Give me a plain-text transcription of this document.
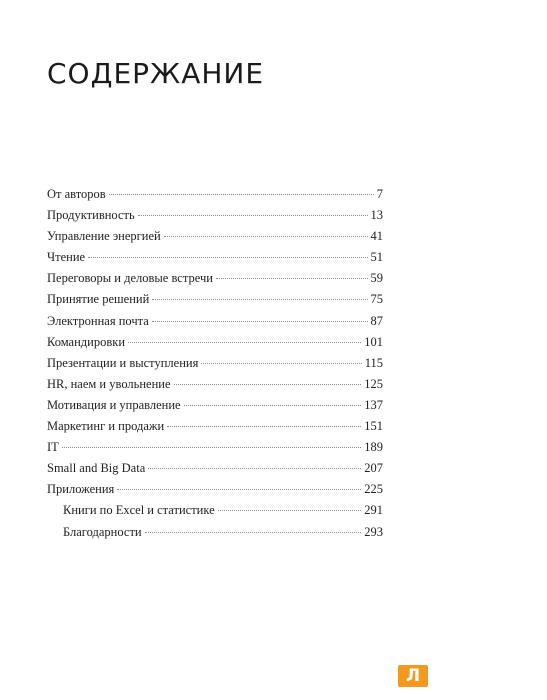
СОДЕРЖАНИЕ
От авторов	7
Продуктивность	13
Управление энергией	41
Чтение	51
Переговоры и деловые встречи	59
Принятие решений	75
Электронная почта	87
Командировки	101
Презентации и выступления	115
HR, наем и увольнение	125
Мотивация и управление	137
Маркетинг и продажи	151
IT	189
Small and Big Data	207
Приложения	225
Книги по Excel и статистике	291
Благодарности	293
Л
